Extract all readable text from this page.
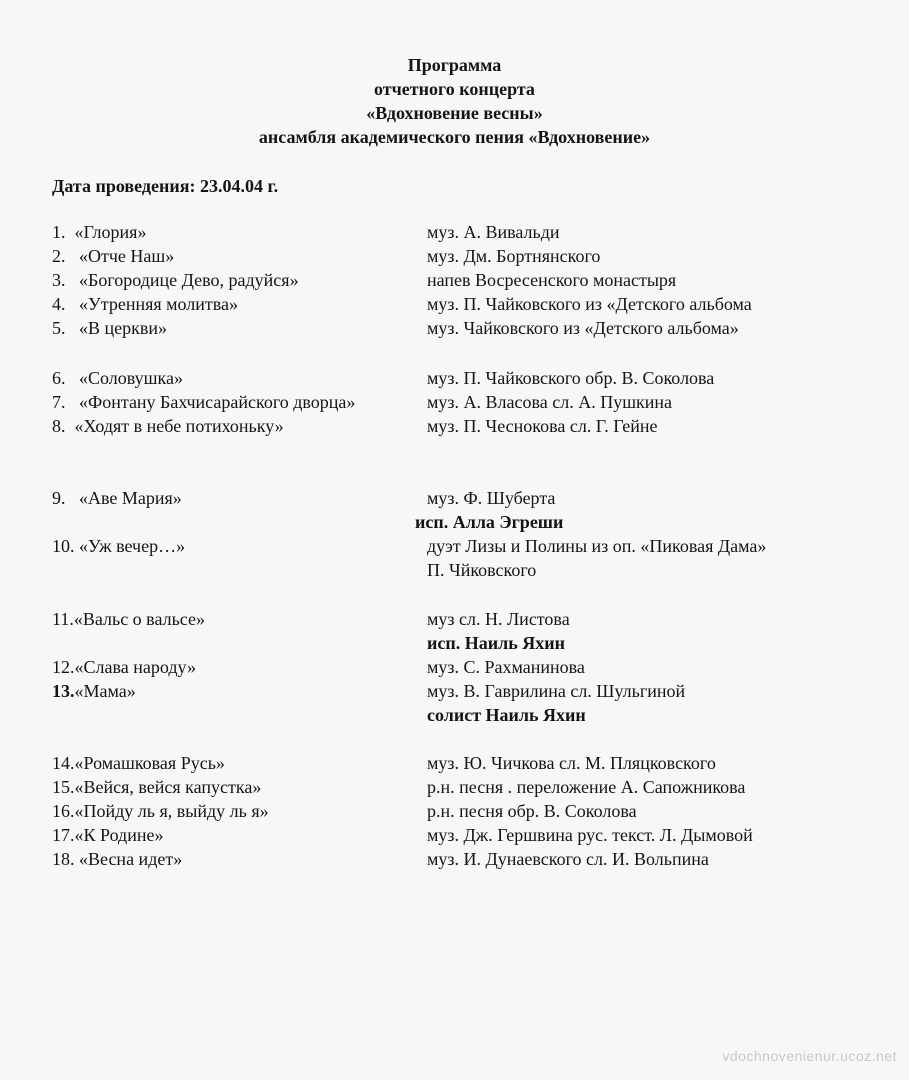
Программа
отчетного концерта
«Вдохновение весны»
ансамбля академического пения «Вдохновение»
Дата проведения: 23.04.04 г.
1. «Глория»	муз. А. Вивальди
2. «Отче Наш»	муз. Дм. Бортнянского
3. «Богородице Дево, радуйся»	напев Восресенского монастыря
4. «Утренняя молитва»	муз. П. Чайковского из «Детского альбома
5. «В церкви»	муз. Чайковского из «Детского альбома»
6. «Соловушка»	муз. П. Чайковского обр. В. Соколова
7. «Фонтану Бахчисарайского дворца»	муз. А. Власова сл. А. Пушкина
8. «Ходят в небе потихоньку»	муз. П. Чеснокова сл. Г. Гейне
9. «Аве Мария»	муз. Ф. Шуберта
исп. Алла Эгреши
10. «Уж вечер…»	дуэт Лизы и Полины из оп. «Пиковая Дама»
П. Чйковского
11.«Вальс о вальсе»	муз сл. Н. Листова
исп. Наиль Яхин
12.«Слава народу»	муз. С. Рахманинова
13.«Мама»	муз. В. Гаврилина сл. Шульгиной
солист Наиль Яхин
14.«Ромашковая Русь»	муз. Ю. Чичкова сл. М. Пляцковского
15.«Вейся, вейся капустка»	р.н. песня . переложение А. Сапожникова
16.«Пойду ль я, выйду ль я»	р.н. песня обр. В. Соколова
17.«К Родине»	муз. Дж. Гершвина рус. текст. Л. Дымовой
18. «Весна идет»	муз. И. Дунаевского сл. И. Вольпина
vdochnovenienur.ucoz.net
